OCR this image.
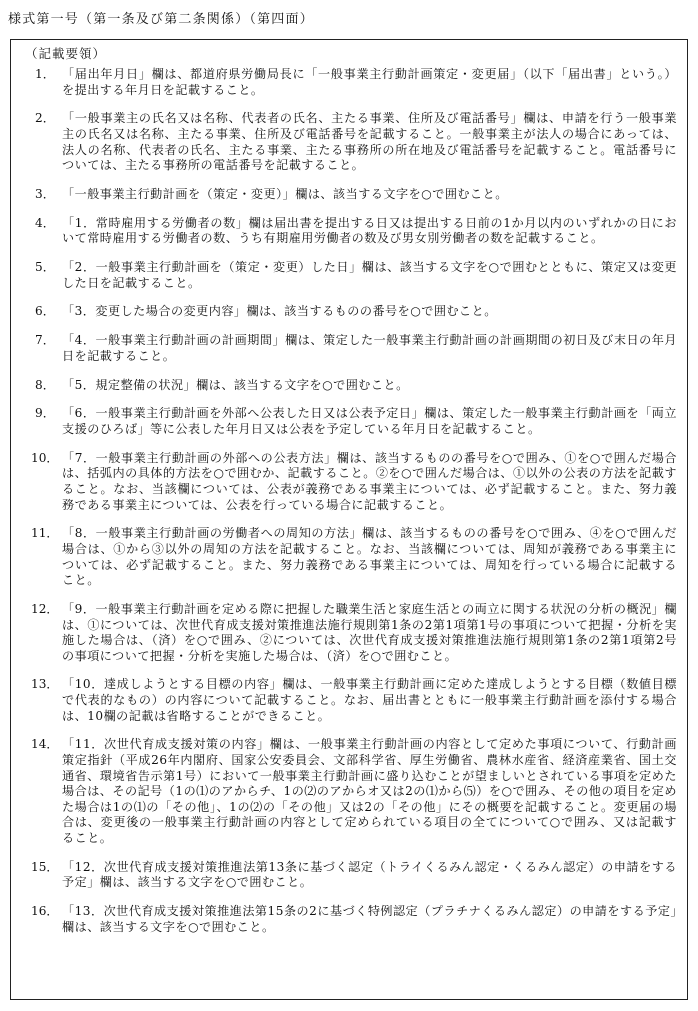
様式第一号（第一条及び第二条関係）（第四面）
（記載要領）
1． 「届出年月日」欄は、都道府県労働局長に「一般事業主行動計画策定・変更届」（以下「届出書」という。）を提出する年月日を記載すること。
2． 「一般事業主の氏名又は名称、代表者の氏名、主たる事業、住所及び電話番号」欄は、申請を行う一般事業主の氏名又は名称、主たる事業、住所及び電話番号を記載すること。一般事業主が法人の場合にあっては、法人の名称、代表者の氏名、主たる事業、主たる事務所の所在地及び電話番号を記載すること。電話番号については、主たる事務所の電話番号を記載すること。
3． 「一般事業主行動計画を（策定・変更）」欄は、該当する文字を○で囲むこと。
4． 「1．常時雇用する労働者の数」欄は届出書を提出する日又は提出する日前の1か月以内のいずれかの日において常時雇用する労働者の数、うち有期雇用労働者の数及び男女別労働者の数を記載すること。
5． 「2．一般事業主行動計画を（策定・変更）した日」欄は、該当する文字を○で囲むとともに、策定又は変更した日を記載すること。
6． 「3．変更した場合の変更内容」欄は、該当するものの番号を○で囲むこと。
7． 「4．一般事業主行動計画の計画期間」欄は、策定した一般事業主行動計画の計画期間の初日及び末日の年月日を記載すること。
8． 「5．規定整備の状況」欄は、該当する文字を○で囲むこと。
9． 「6．一般事業主行動計画を外部へ公表した日又は公表予定日」欄は、策定した一般事業主行動計画を「両立支援のひろば」等に公表した年月日又は公表を予定している年月日を記載すること。
10． 「7．一般事業主行動計画の外部への公表方法」欄は、該当するものの番号を○で囲み、①を○で囲んだ場合は、括弧内の具体的方法を○で囲むか、記載すること。②を○で囲んだ場合は、①以外の公表の方法を記載すること。なお、当該欄については、公表が義務である事業主については、必ず記載すること。また、努力義務である事業主については、公表を行っている場合に記載すること。
11． 「8．一般事業主行動計画の労働者への周知の方法」欄は、該当するものの番号を○で囲み、④を○で囲んだ場合は、①から③以外の周知の方法を記載すること。なお、当該欄については、周知が義務である事業主については、必ず記載すること。また、努力義務である事業主については、周知を行っている場合に記載すること。
12． 「9．一般事業主行動計画を定める際に把握した職業生活と家庭生活との両立に関する状況の分析の概況」欄は、①については、次世代育成支援対策推進法施行規則第1条の2第1項第1号の事項について把握・分析を実施した場合は、（済）を○で囲み、②については、次世代育成支援対策推進法施行規則第1条の2第1項第2号の事項について把握・分析を実施した場合は、（済）を○で囲むこと。
13． 「10．達成しようとする目標の内容」欄は、一般事業主行動計画に定めた達成しようとする目標（数値目標で代表的なもの）の内容について記載すること。なお、届出書とともに一般事業主行動計画を添付する場合は、10欄の記載は省略することができること。
14． 「11．次世代育成支援対策の内容」欄は、一般事業主行動計画の内容として定めた事項について、行動計画策定指針（平成26年内閣府、国家公安委員会、文部科学省、厚生労働省、農林水産省、経済産業省、国土交通省、環境省告示第1号）において一般事業主行動計画に盛り込むことが望ましいとされている事項を定めた場合は、その記号（1の⑴のアからチ、1の⑵のアからオ又は2の⑴から⑸）を○で囲み、その他の項目を定めた場合は1の⑴の「その他」、1の⑵の「その他」又は2の「その他」にその概要を記載すること。変更届の場合は、変更後の一般事業主行動計画の内容として定められている項目の全てについて○で囲み、又は記載すること。
15． 「12．次世代育成支援対策推進法第13条に基づく認定（トライくるみん認定・くるみん認定）の申請をする予定」欄は、該当する文字を○で囲むこと。
16． 「13．次世代育成支援対策推進法第15条の2に基づく特例認定（プラチナくるみん認定）の申請をする予定」欄は、該当する文字を○で囲むこと。
